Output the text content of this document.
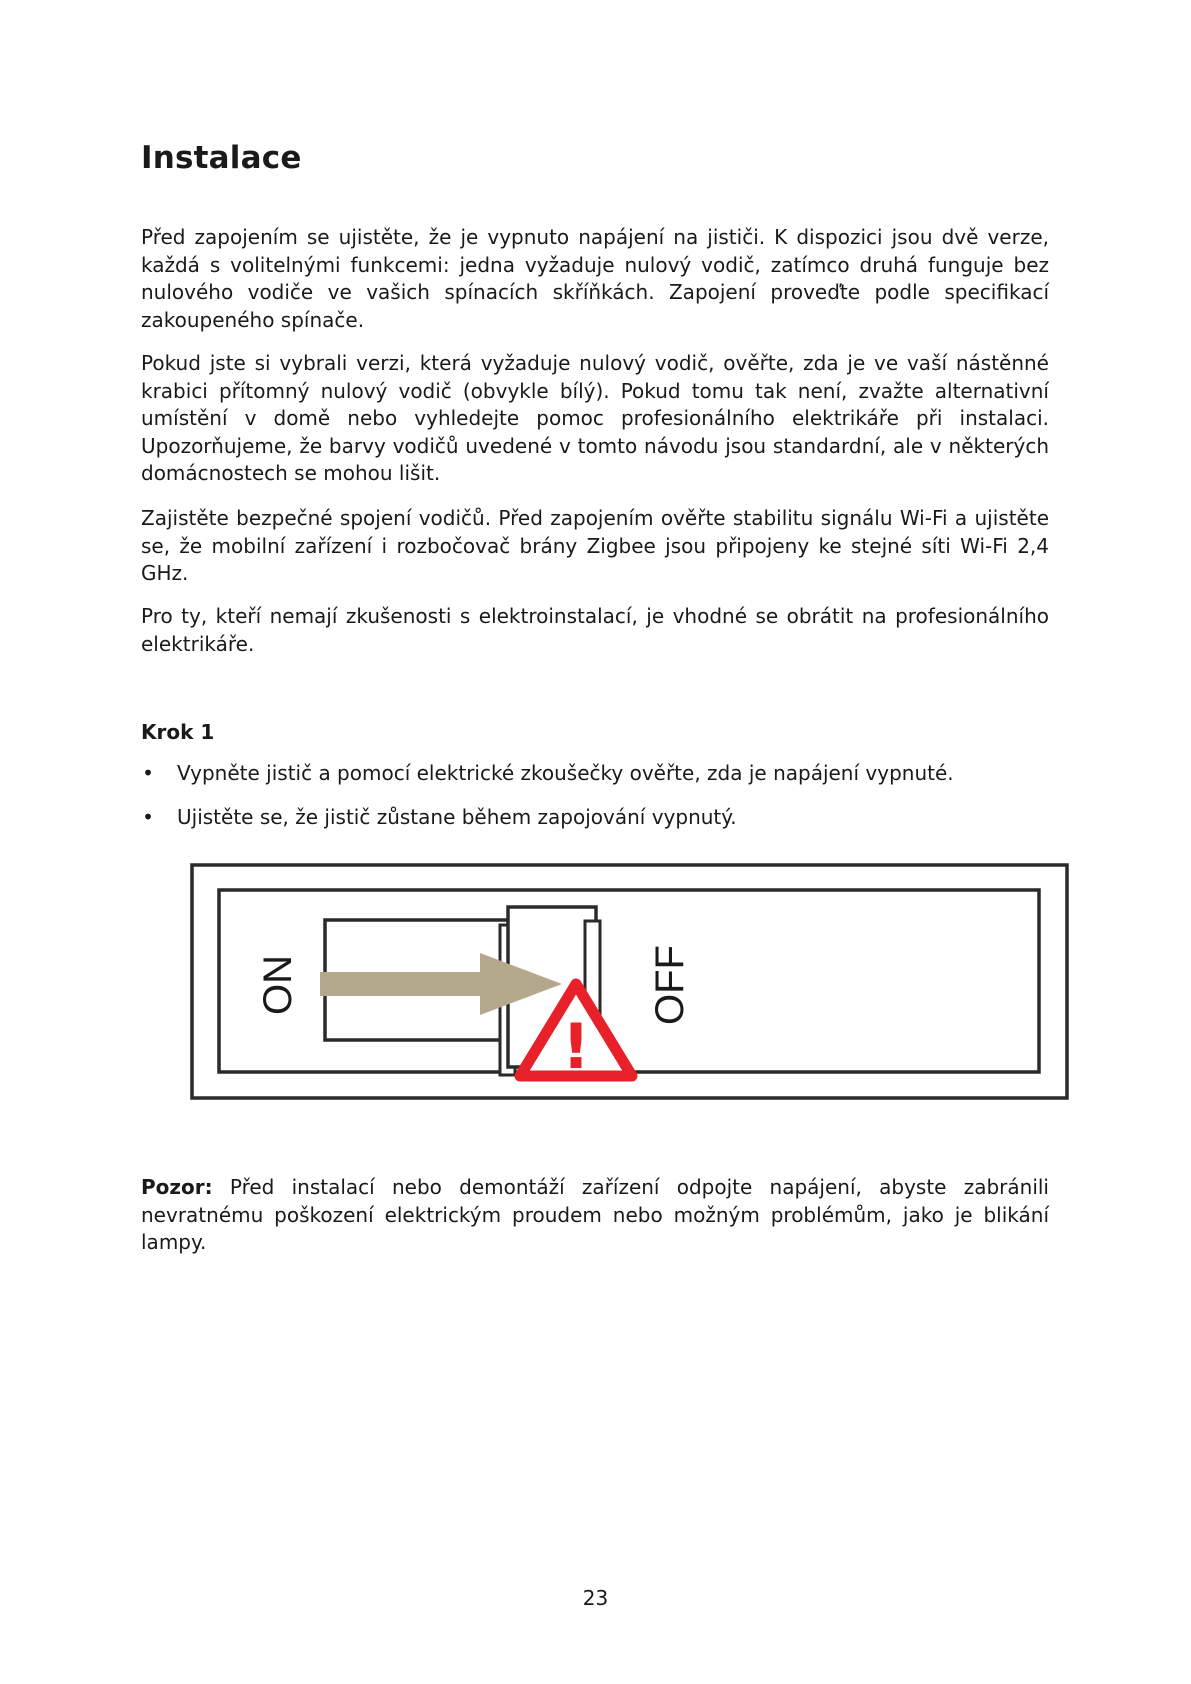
Instalace

Před zapojením se ujistěte, že je vypnuto napájení na jističi. K dispozici jsou dvě verze, každá s volitelnými funkcemi: jedna vyžaduje nulový vodič, zatímco druhá funguje bez nulového vodiče ve vašich spínacích skříňkách. Zapojení proveďte podle specifikací zakoupeného spínače.

Pokud jste si vybrali verzi, která vyžaduje nulový vodič, ověřte, zda je ve vaší nástěnné krabici přítomný nulový vodič (obvykle bílý). Pokud tomu tak není, zvažte alternativní umístění v domě nebo vyhledejte pomoc profesionálního elektrikáře při instalaci. Upozorňujeme, že barvy vodičů uvedené v tomto návodu jsou standardní, ale v některých domácnostech se mohou lišit.

Zajistěte bezpečné spojení vodičů. Před zapojením ověřte stabilitu signálu Wi-Fi a ujistěte se, že mobilní zařízení i rozbočovač brány Zigbee jsou připojeny ke stejné síti Wi-Fi 2,4 GHz.

Pro ty, kteří nemají zkušenosti s elektroinstalací, je vhodné se obrátit na profesionálního elektrikáře.

Krok 1
• Vypněte jistič a pomocí elektrické zkoušečky ověřte, zda je napájení vypnuté.
• Ujistěte se, že jistič zůstane během zapojování vypnutý.
ON	OFF
!

Pozor: Před instalací nebo demontáží zařízení odpojte napájení, abyste zabránili nevratnému poškození elektrickým proudem nebo možným problémům, jako je blikání lampy.

23
